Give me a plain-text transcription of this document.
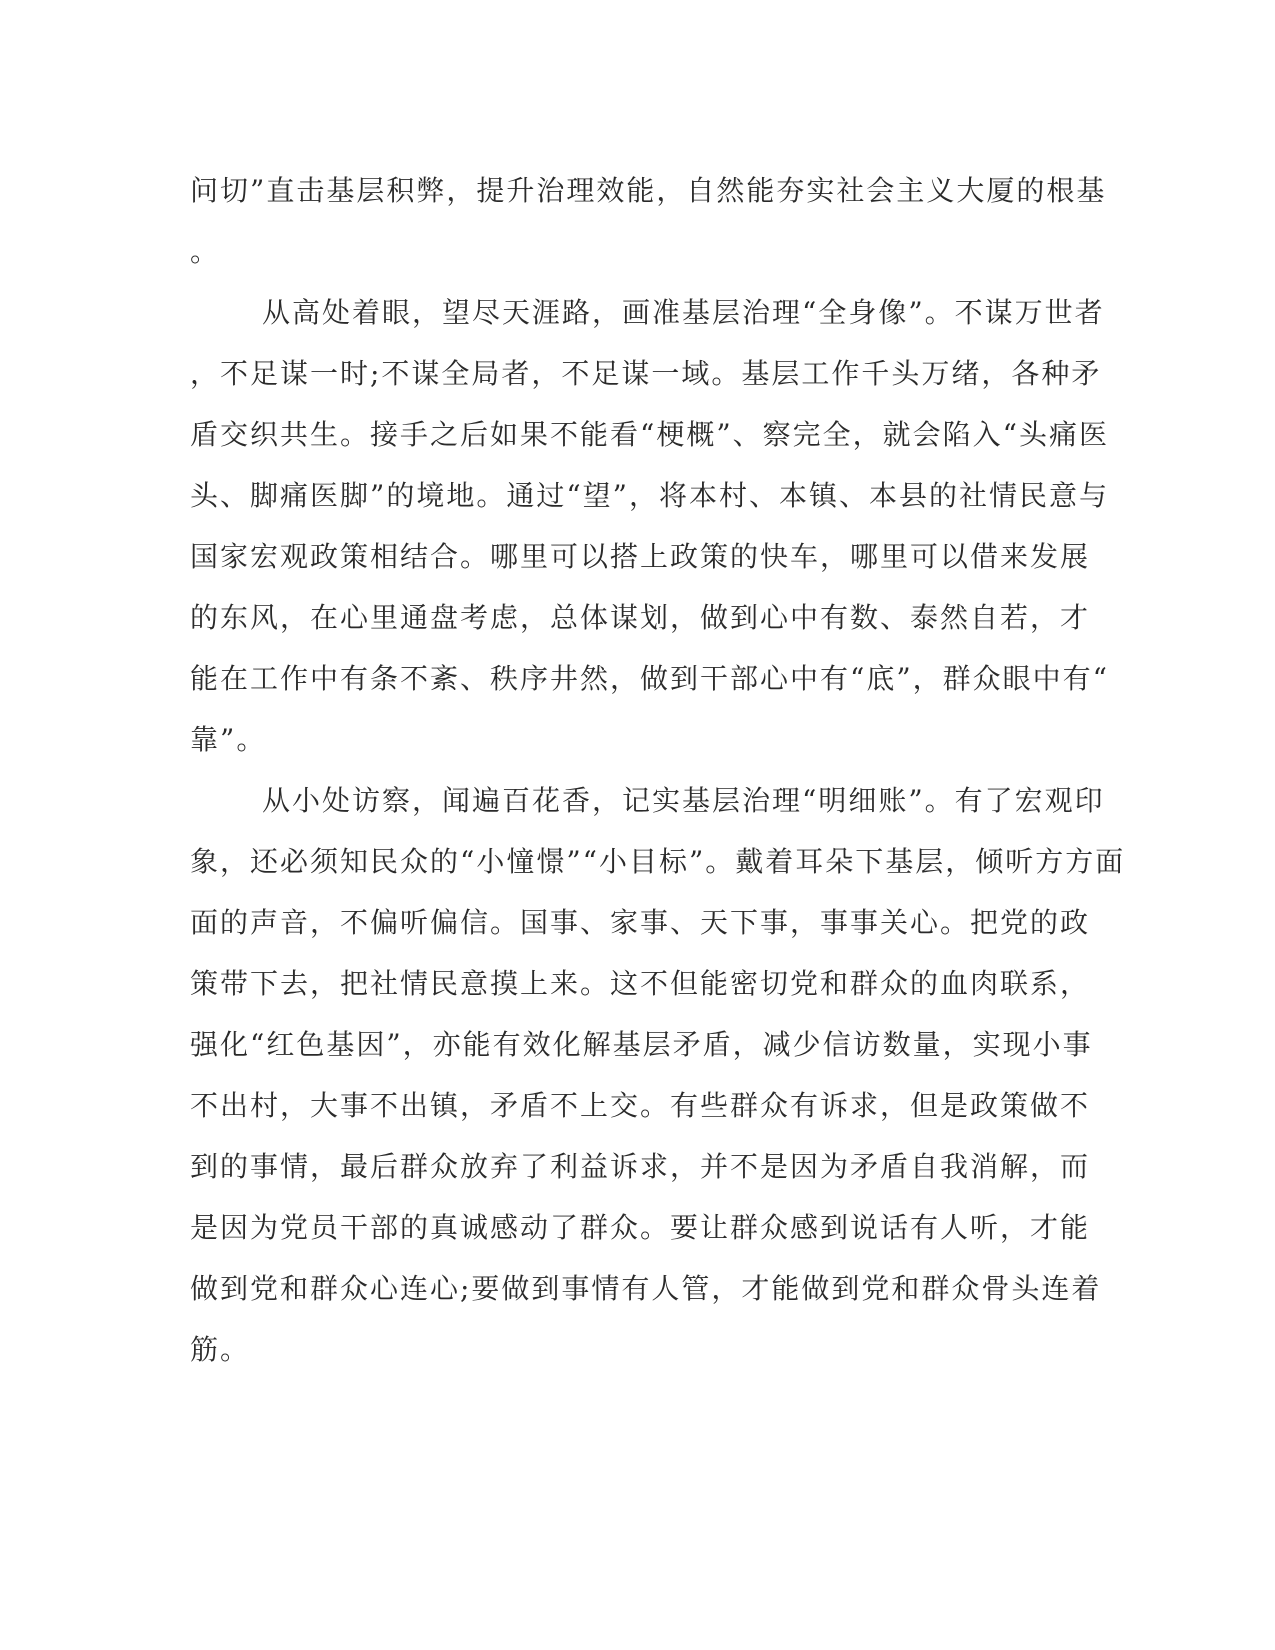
问切”直击基层积弊，提升治理效能，自然能夯实社会主义大厦的根基
。
从高处着眼，望尽天涯路，画准基层治理“全身像”。不谋万世者
，不足谋一时;不谋全局者，不足谋一域。基层工作千头万绪，各种矛
盾交织共生。接手之后如果不能看“梗概”、察完全，就会陷入“头痛医
头、脚痛医脚”的境地。通过“望”，将本村、本镇、本县的社情民意与
国家宏观政策相结合。哪里可以搭上政策的快车，哪里可以借来发展
的东风，在心里通盘考虑，总体谋划，做到心中有数、泰然自若，才
能在工作中有条不紊、秩序井然，做到干部心中有“底”，群众眼中有“
靠”。
从小处访察，闻遍百花香，记实基层治理“明细账”。有了宏观印
象，还必须知民众的“小憧憬”“小目标”。戴着耳朵下基层，倾听方方面
面的声音，不偏听偏信。国事、家事、天下事，事事关心。把党的政
策带下去，把社情民意摸上来。这不但能密切党和群众的血肉联系，
强化“红色基因”，亦能有效化解基层矛盾，减少信访数量，实现小事
不出村，大事不出镇，矛盾不上交。有些群众有诉求，但是政策做不
到的事情，最后群众放弃了利益诉求，并不是因为矛盾自我消解，而
是因为党员干部的真诚感动了群众。要让群众感到说话有人听，才能
做到党和群众心连心;要做到事情有人管，才能做到党和群众骨头连着
筋。
